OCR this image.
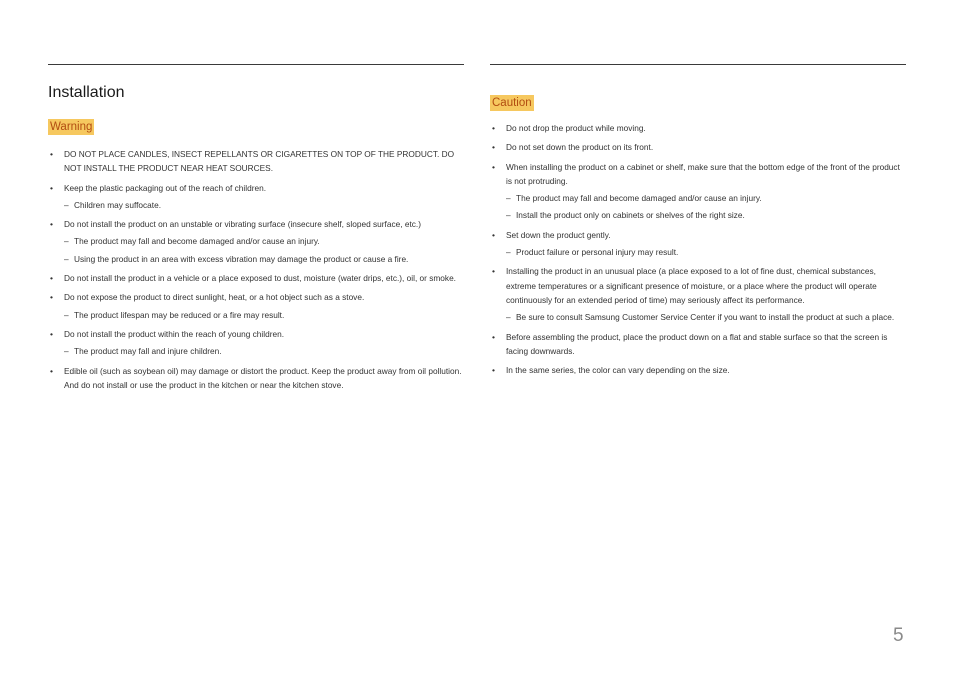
Installation
Warning
• DO NOT PLACE CANDLES, INSECT REPELLANTS OR CIGARETTES ON TOP OF THE PRODUCT. DO NOT INSTALL THE PRODUCT NEAR HEAT SOURCES.
• Keep the plastic packaging out of the reach of children.
– Children may suffocate.
• Do not install the product on an unstable or vibrating surface (insecure shelf, sloped surface, etc.)
– The product may fall and become damaged and/or cause an injury.
– Using the product in an area with excess vibration may damage the product or cause a fire.
• Do not install the product in a vehicle or a place exposed to dust, moisture (water drips, etc.), oil, or smoke.
• Do not expose the product to direct sunlight, heat, or a hot object such as a stove.
– The product lifespan may be reduced or a fire may result.
• Do not install the product within the reach of young children.
– The product may fall and injure children.
• Edible oil (such as soybean oil) may damage or distort the product. Keep the product away from oil pollution. And do not install or use the product in the kitchen or near the kitchen stove.
Caution
• Do not drop the product while moving.
• Do not set down the product on its front.
• When installing the product on a cabinet or shelf, make sure that the bottom edge of the front of the product is not protruding.
– The product may fall and become damaged and/or cause an injury.
– Install the product only on cabinets or shelves of the right size.
• Set down the product gently.
– Product failure or personal injury may result.
• Installing the product in an unusual place (a place exposed to a lot of fine dust, chemical substances, extreme temperatures or a significant presence of moisture, or a place where the product will operate continuously for an extended period of time) may seriously affect its performance.
– Be sure to consult Samsung Customer Service Center if you want to install the product at such a place.
• Before assembling the product, place the product down on a flat and stable surface so that the screen is facing downwards.
• In the same series, the color can vary depending on the size.
5
